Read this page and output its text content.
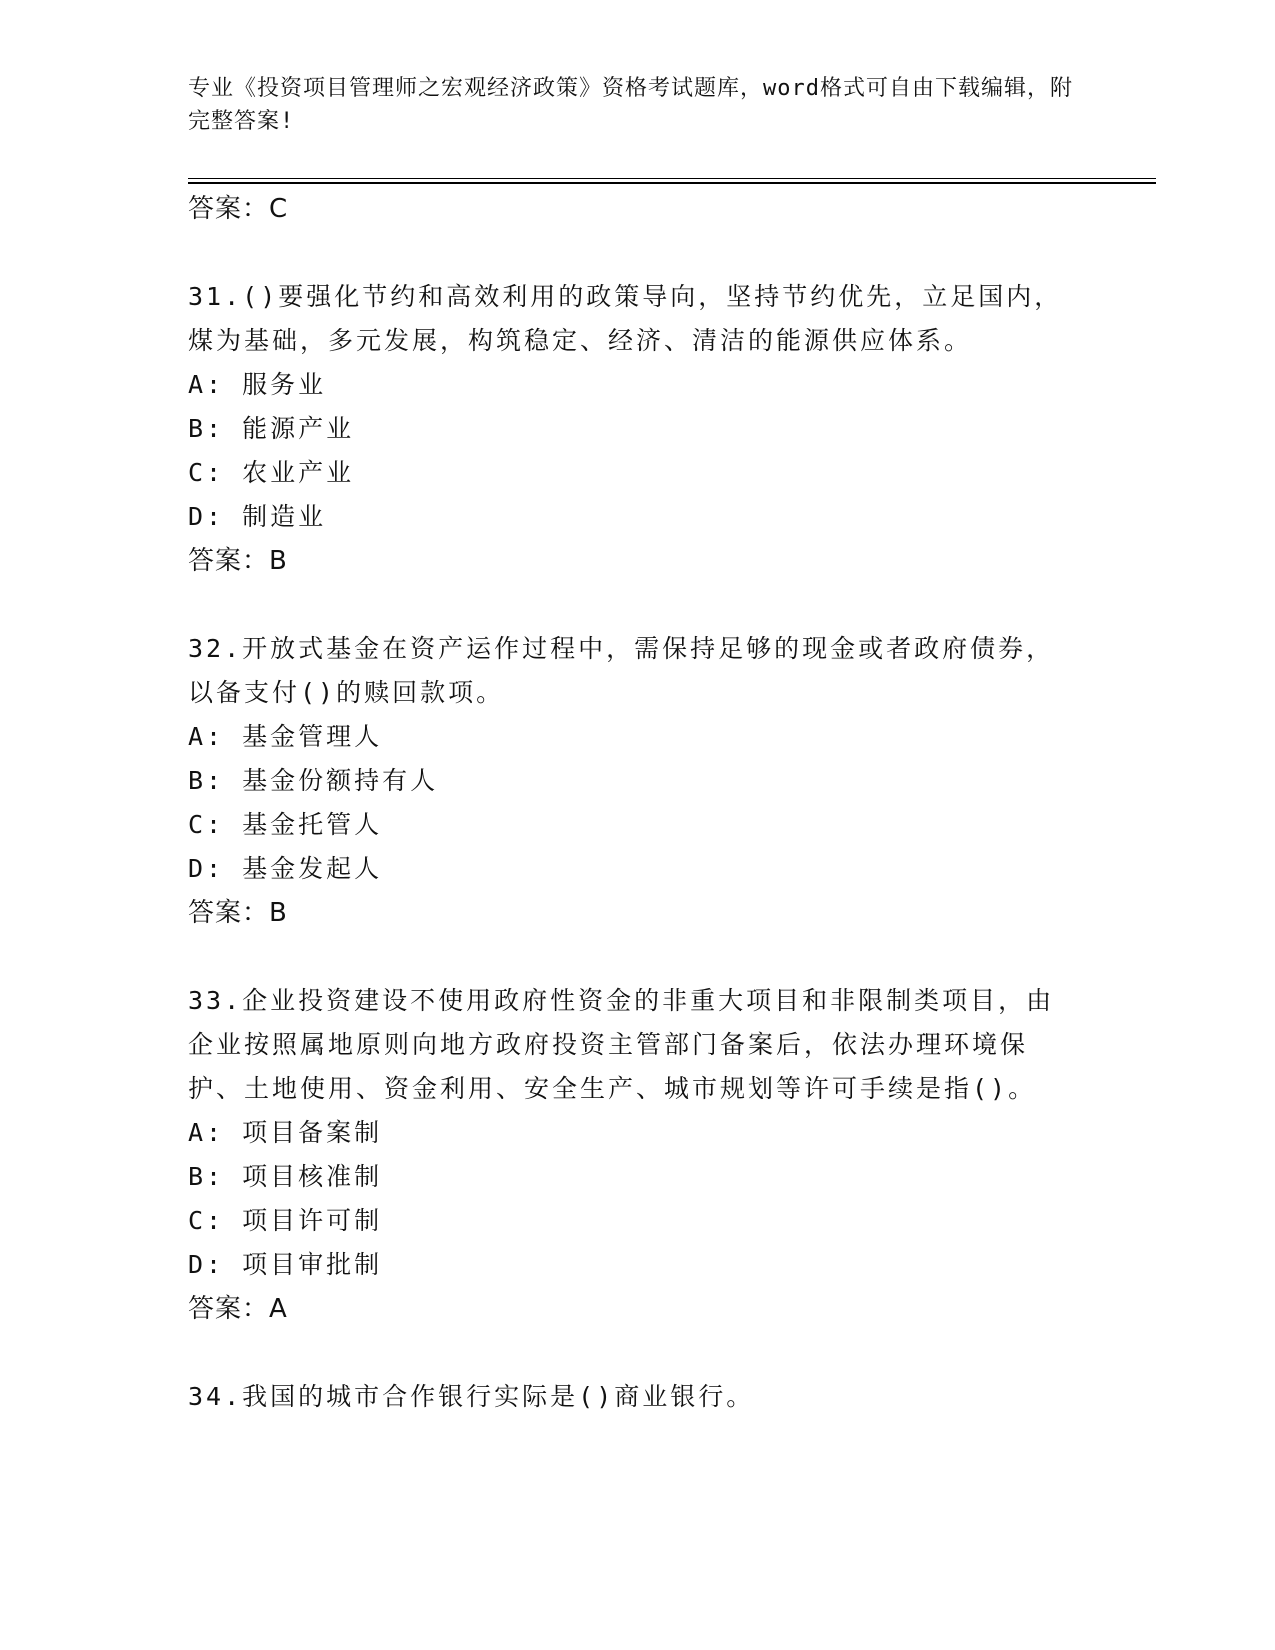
专业《投资项目管理师之宏观经济政策》资格考试题库，word格式可自由下载编辑，附完整答案!
答案：C
31.()要强化节约和高效利用的政策导向，坚持节约优先，立足国内，
煤为基础，多元发展，构筑稳定、经济、清洁的能源供应体系。
A: 服务业
B: 能源产业
C: 农业产业
D: 制造业
答案：B
32.开放式基金在资产运作过程中，需保持足够的现金或者政府债券，
以备支付()的赎回款项。
A: 基金管理人
B: 基金份额持有人
C: 基金托管人
D: 基金发起人
答案：B
33.企业投资建设不使用政府性资金的非重大项目和非限制类项目，由
企业按照属地原则向地方政府投资主管部门备案后，依法办理环境保
护、土地使用、资金利用、安全生产、城市规划等许可手续是指()。
A: 项目备案制
B: 项目核准制
C: 项目许可制
D: 项目审批制
答案：A
34.我国的城市合作银行实际是()商业银行。
